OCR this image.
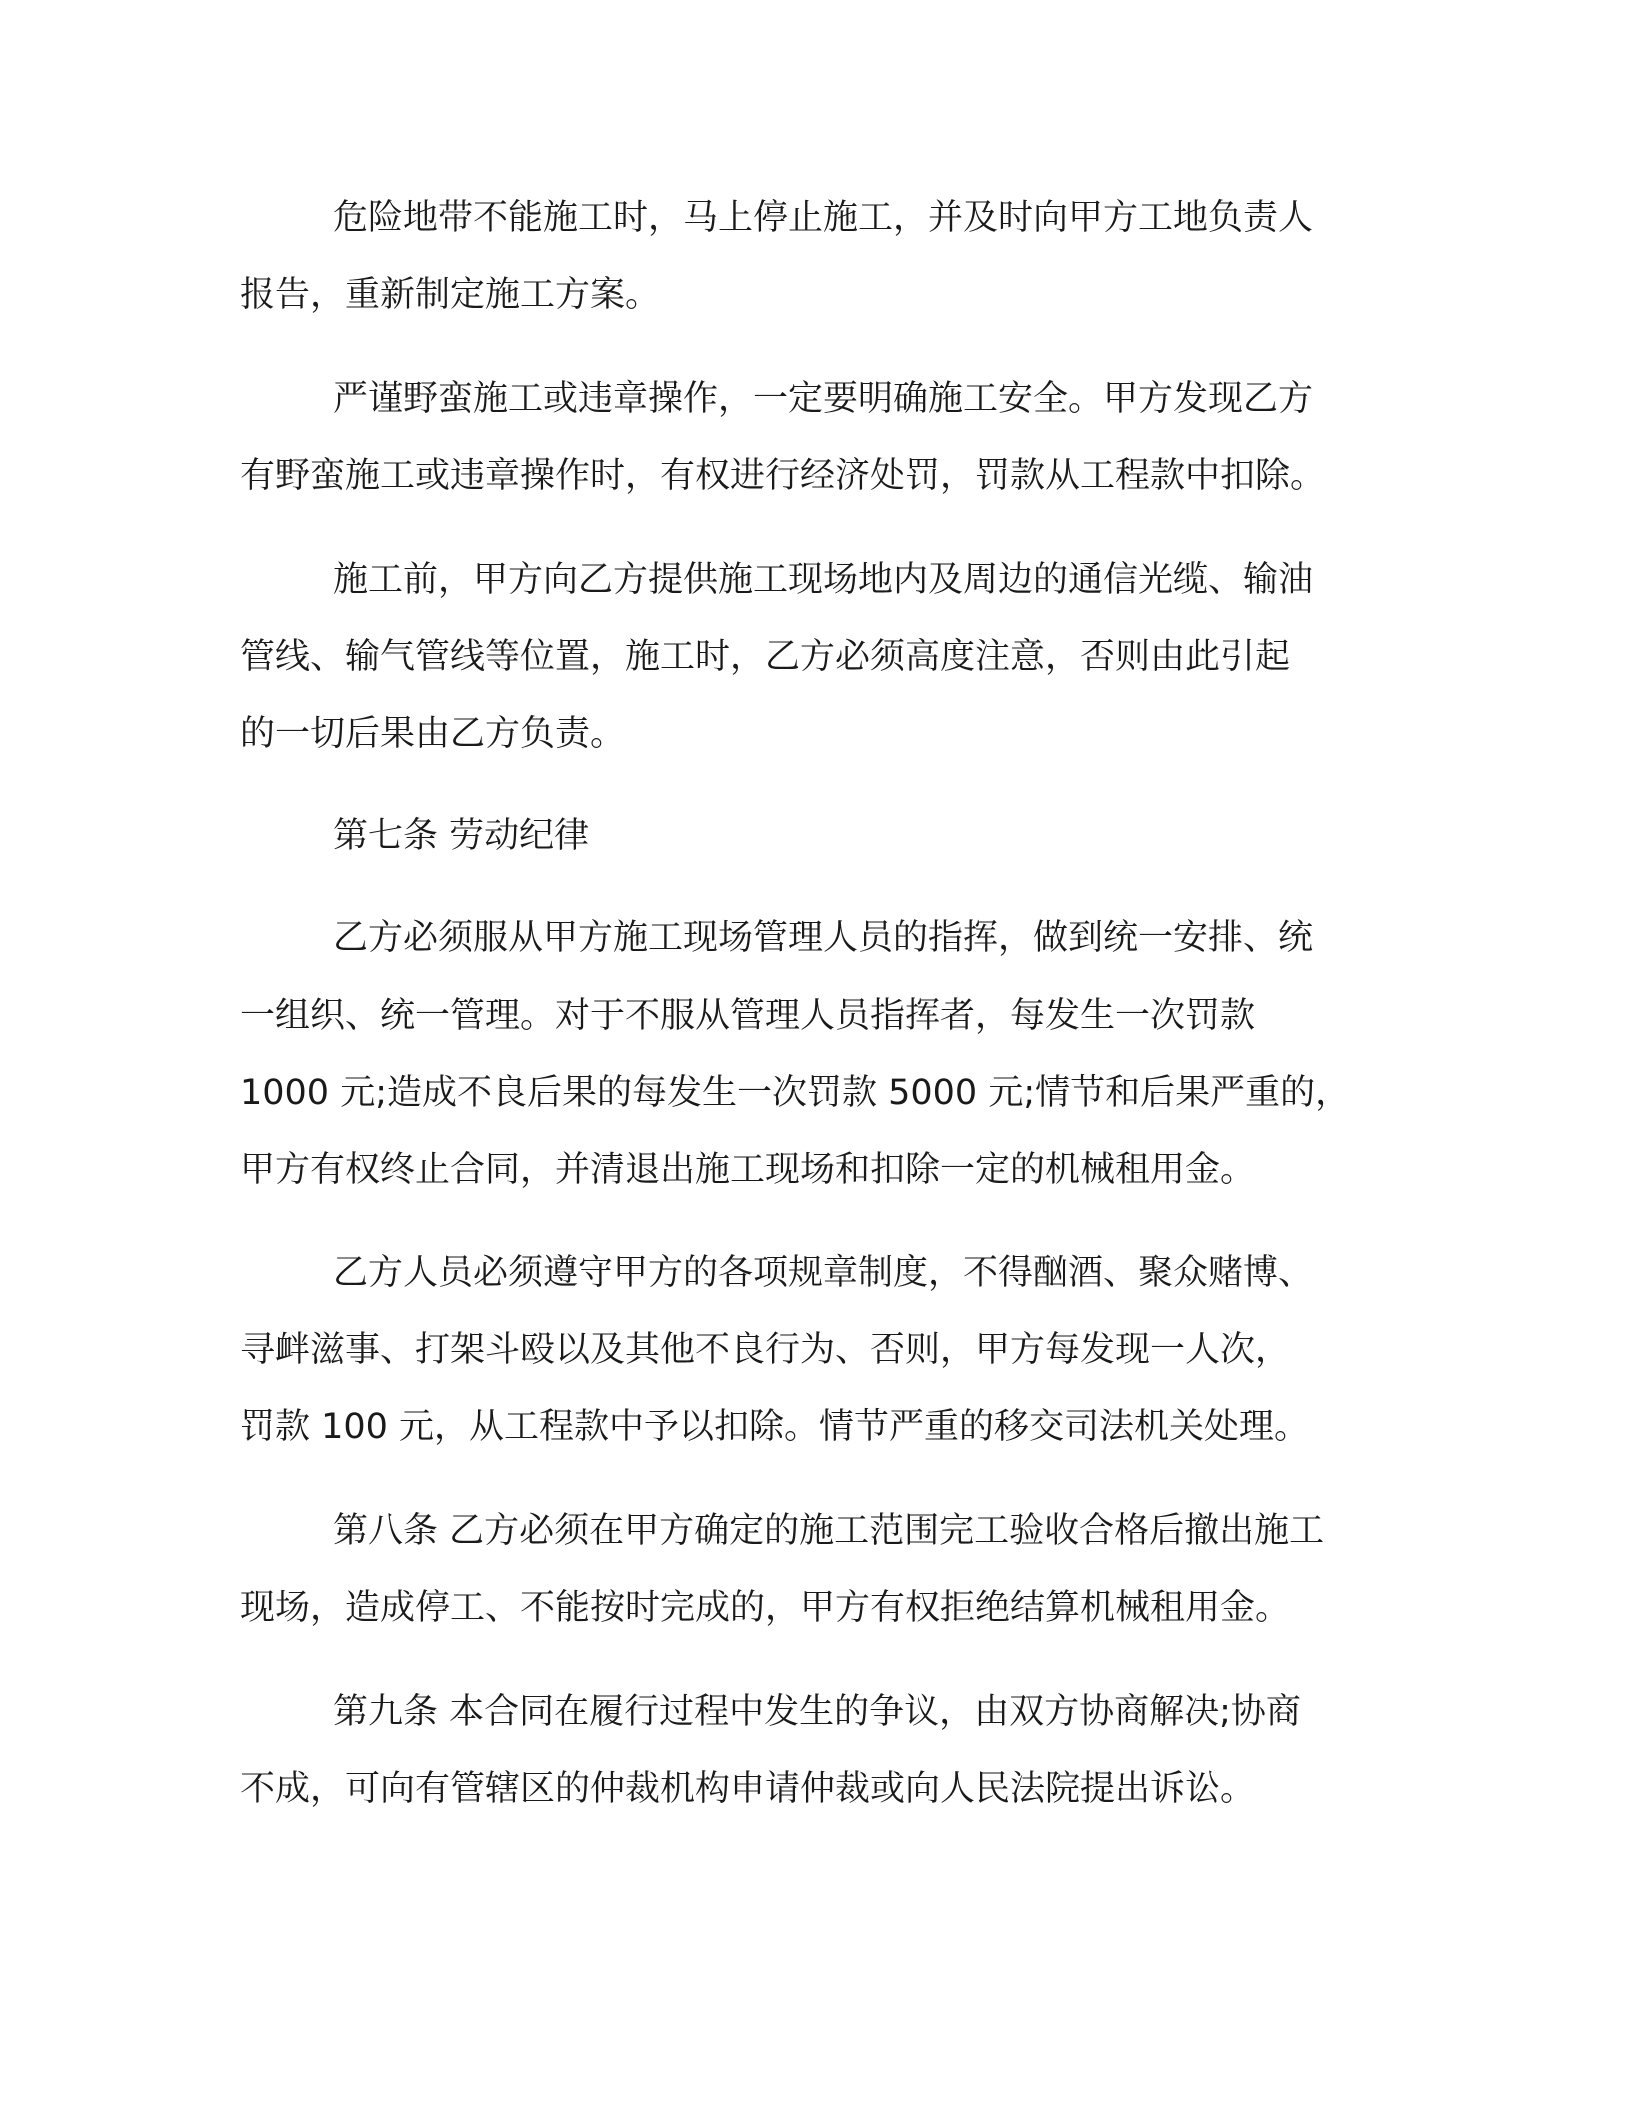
危险地带不能施工时，马上停止施工，并及时向甲方工地负责人
报告，重新制定施工方案。
严谨野蛮施工或违章操作，一定要明确施工安全。甲方发现乙方
有野蛮施工或违章操作时，有权进行经济处罚，罚款从工程款中扣除。
施工前，甲方向乙方提供施工现场地内及周边的通信光缆、输油
管线、输气管线等位置，施工时，乙方必须高度注意，否则由此引起
的一切后果由乙方负责。
第七条 劳动纪律
乙方必须服从甲方施工现场管理人员的指挥，做到统一安排、统
一组织、统一管理。对于不服从管理人员指挥者，每发生一次罚款
1000 元;造成不良后果的每发生一次罚款 5000 元;情节和后果严重的，
甲方有权终止合同，并清退出施工现场和扣除一定的机械租用金。
乙方人员必须遵守甲方的各项规章制度，不得酗酒、聚众赌博、
寻衅滋事、打架斗殴以及其他不良行为、否则，甲方每发现一人次，
罚款 100 元，从工程款中予以扣除。情节严重的移交司法机关处理。
第八条 乙方必须在甲方确定的施工范围完工验收合格后撤出施工
现场，造成停工、不能按时完成的，甲方有权拒绝结算机械租用金。
第九条 本合同在履行过程中发生的争议，由双方协商解决;协商
不成，可向有管辖区的仲裁机构申请仲裁或向人民法院提出诉讼。
